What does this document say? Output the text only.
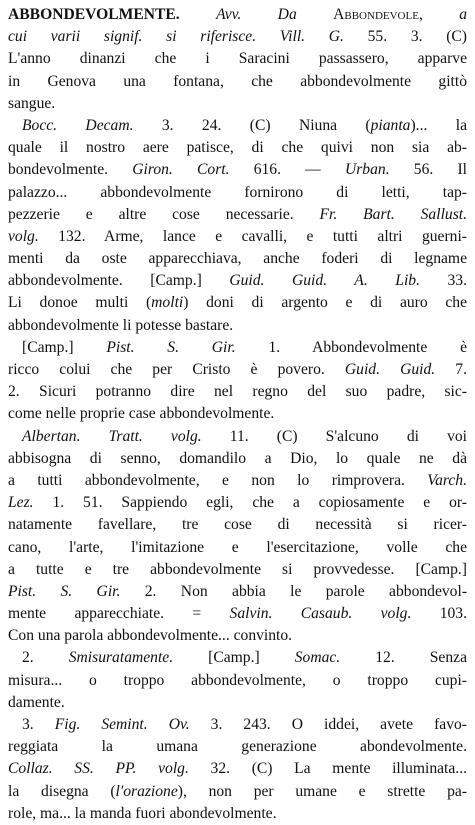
ABBONDEVOLMENTE. Avv. Da Abbondevole, a
cui varii signif. si riferisce. Vill. G. 55. 3. (C)
L'anno dinanzi che i Saracini passassero, apparve
in Genova una fontana, che abbondevolmente gittò
sangue.
Bocc. Decam. 3. 24. (C) Niuna (pianta)... la
quale il nostro aere patisce, di che quivi non sia ab-
bondevolmente. Giron. Cort. 616. — Urban. 56. Il
palazzo... abbondevolmente fornirono di letti, tap-
pezzerie e altre cose necessarie. Fr. Bart. Sallust.
volg. 132. Arme, lance e cavalli, e tutti altri guerni-
menti da oste apparecchiava, anche foderi di legname
abbondevolmente. [Camp.] Guid. Guid. A. Lib. 33.
Li donoe multi (molti) doni di argento e di auro che
abbondevolmente li potesse bastare.
[Camp.] Pist. S. Gir. 1. Abbondevolmente è
ricco colui che per Cristo è povero. Guid. Guid. 7.
2. Sicuri potranno dire nel regno del suo padre, sic-
come nelle proprie case abbondevolmente.
Albertan. Tratt. volg. 11. (C) S'alcuno di voi
abbisogna di senno, domandilo a Dio, lo quale ne dà
a tutti abbondevolmente, e non lo rimprovera. Varch.
Lez. 1. 51. Sappiendo egli, che a copiosamente e or-
natamente favellare, tre cose di necessità si ricer-
cano, l'arte, l'imitazione e l'esercitazione, volle che
a tutte e tre abbondevolmente si provvedesse. [Camp.]
Pist. S. Gir. 2. Non abbia le parole abbondevol-
mente apparecchiate. = Salvin. Casaub. volg. 103.
Con una parola abbondevolmente... convinto.
2. Smisuratamente. [Camp.] Somac. 12. Senza
misura... o troppo abbondevolmente, o troppo cupi-
damente.
3. Fig. Semint. Ov. 3. 243. O iddei, avete favo-
reggiata la umana generazione abondevolmente.
Collaz. SS. PP. volg. 32. (C) La mente illuminata...
la disegna (l'orazione), non per umane e strette pa-
role, ma... la manda fuori abondevolmente.
